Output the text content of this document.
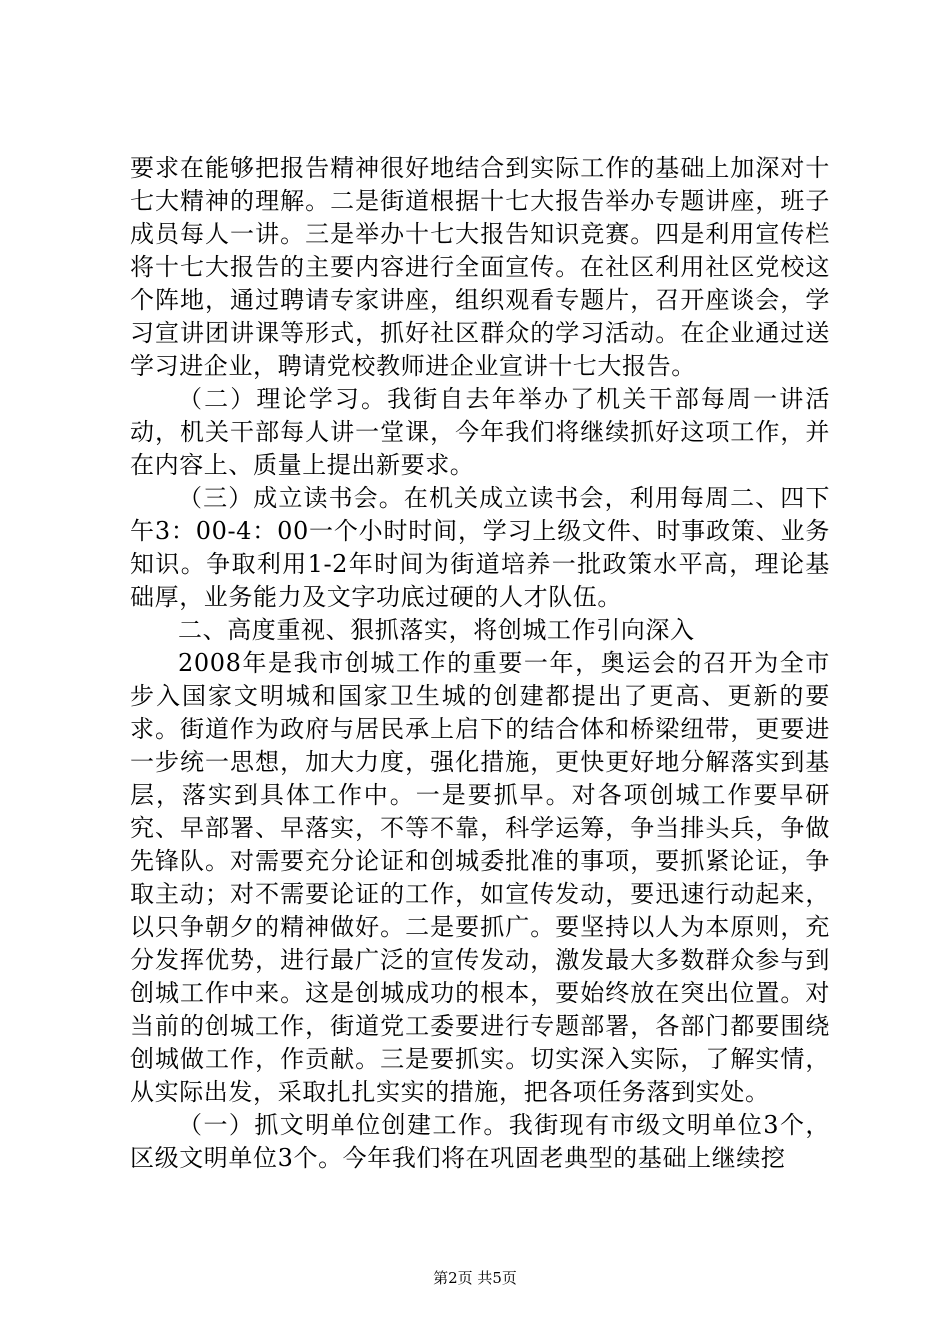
要求在能够把报告精神很好地结合到实际工作的基础上加深对十七大精神的理解。二是街道根据十七大报告举办专题讲座，班子成员每人一讲。三是举办十七大报告知识竞赛。四是利用宣传栏将十七大报告的主要内容进行全面宣传。在社区利用社区党校这个阵地，通过聘请专家讲座，组织观看专题片，召开座谈会，学习宣讲团讲课等形式，抓好社区群众的学习活动。在企业通过送学习进企业，聘请党校教师进企业宣讲十七大报告。

（二）理论学习。我街自去年举办了机关干部每周一讲活动，机关干部每人讲一堂课，今年我们将继续抓好这项工作，并在内容上、质量上提出新要求。

（三）成立读书会。在机关成立读书会，利用每周二、四下午3：00-4：00一个小时时间，学习上级文件、时事政策、业务知识。争取利用1-2年时间为街道培养一批政策水平高，理论基础厚，业务能力及文字功底过硬的人才队伍。

二、高度重视、狠抓落实，将创城工作引向深入

2008年是我市创城工作的重要一年，奥运会的召开为全市步入国家文明城和国家卫生城的创建都提出了更高、更新的要求。街道作为政府与居民承上启下的结合体和桥梁纽带，更要进一步统一思想，加大力度，强化措施，更快更好地分解落实到基层，落实到具体工作中。一是要抓早。对各项创城工作要早研究、早部署、早落实，不等不靠，科学运筹，争当排头兵，争做先锋队。对需要充分论证和创城委批准的事项，要抓紧论证，争取主动；对不需要论证的工作，如宣传发动，要迅速行动起来，以只争朝夕的精神做好。二是要抓广。要坚持以人为本原则，充分发挥优势，进行最广泛的宣传发动，激发最大多数群众参与到创城工作中来。这是创城成功的根本，要始终放在突出位置。对当前的创城工作，街道党工委要进行专题部署，各部门都要围绕创城做工作，作贡献。三是要抓实。切实深入实际，了解实情，从实际出发，采取扎扎实实的措施，把各项任务落到实处。

（一）抓文明单位创建工作。我街现有市级文明单位3个，区级文明单位3个。今年我们将在巩固老典型的基础上继续挖

第2页 共5页
